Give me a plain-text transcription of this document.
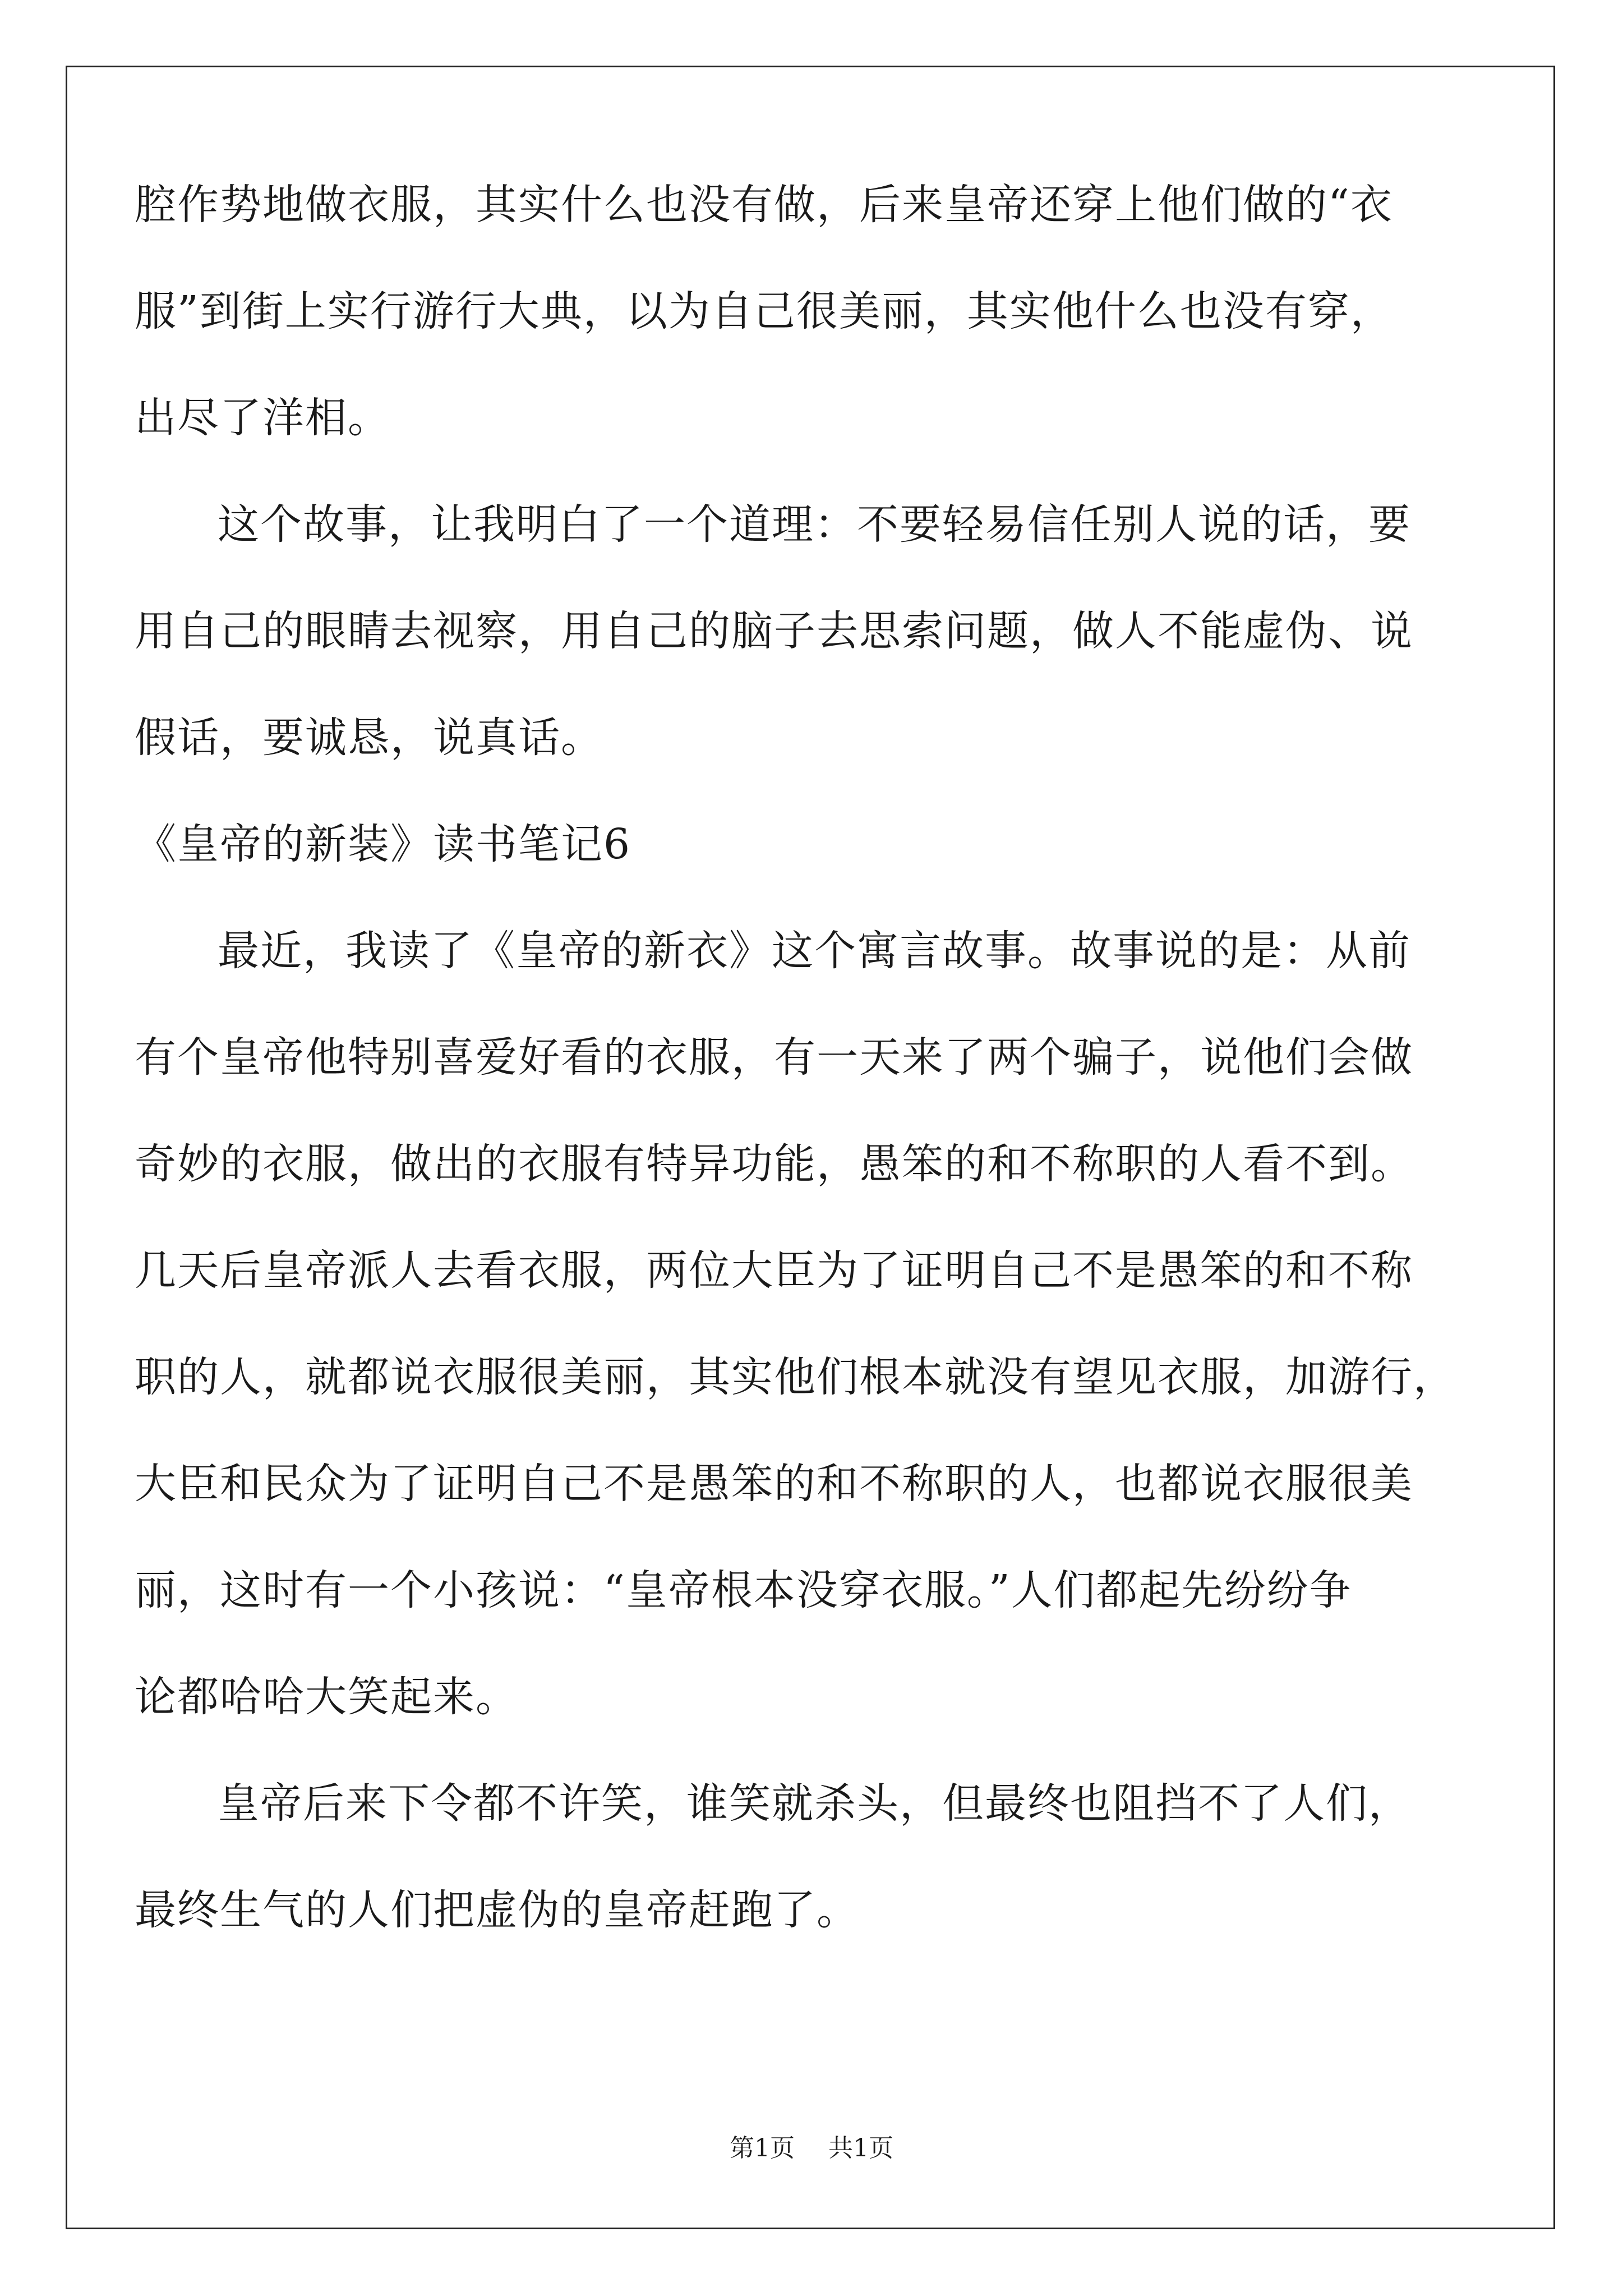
腔作势地做衣服，其实什么也没有做，后来皇帝还穿上他们做的“衣
服”到街上实行游行大典，以为自己很美丽，其实他什么也没有穿，
出尽了洋相。
这个故事，让我明白了一个道理：不要轻易信任别人说的话，要
用自己的眼睛去视察，用自己的脑子去思索问题，做人不能虚伪、说
假话，要诚恳，说真话。
《皇帝的新装》读书笔记6
最近，我读了《皇帝的新衣》这个寓言故事。故事说的是：从前
有个皇帝他特别喜爱好看的衣服，有一天来了两个骗子，说他们会做
奇妙的衣服，做出的衣服有特异功能，愚笨的和不称职的人看不到。
几天后皇帝派人去看衣服，两位大臣为了证明自己不是愚笨的和不称
职的人，就都说衣服很美丽，其实他们根本就没有望见衣服，加游行，
大臣和民众为了证明自己不是愚笨的和不称职的人，也都说衣服很美
丽，这时有一个小孩说：“皇帝根本没穿衣服。”人们都起先纷纷争
论都哈哈大笑起来。
皇帝后来下令都不许笑，谁笑就杀头，但最终也阻挡不了人们，
最终生气的人们把虚伪的皇帝赶跑了。
第1页 共1页
